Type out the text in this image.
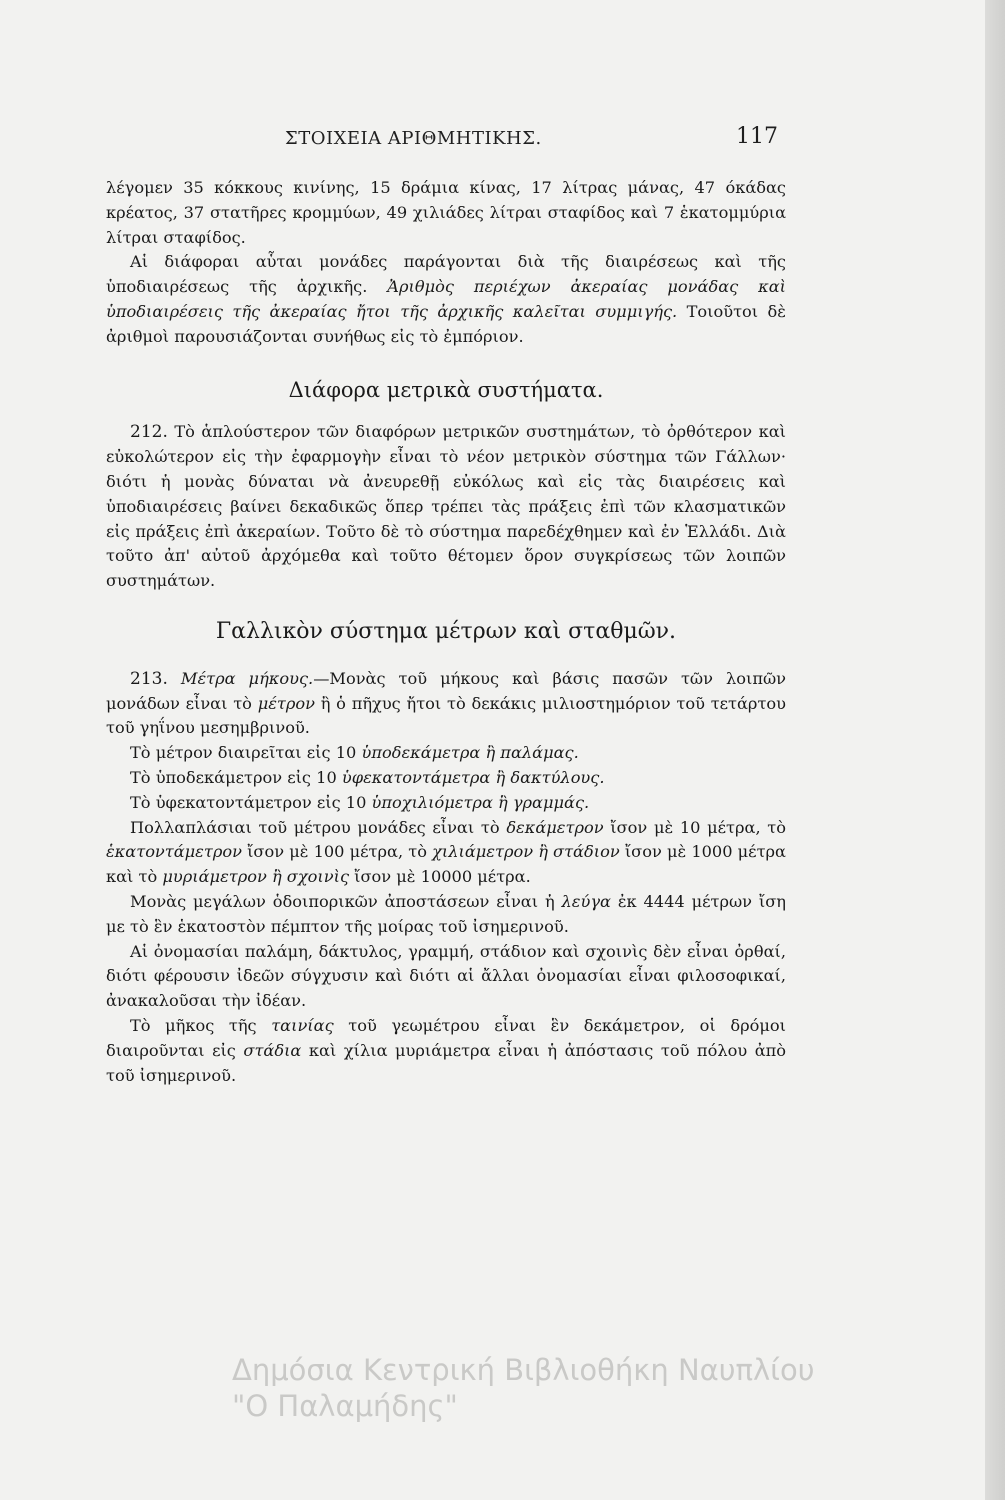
ΣΤΟΙΧΕΙΑ ΑΡΙΘΜΗΤΙΚΗΣ.	117

λέγομεν 35 κόκκους κινίνης, 15 δράμια κίνας, 17 λίτρας μάνας, 47 όκάδας κρέατος, 37 στατῆρες κρομμύων, 49 χιλιάδες λίτραι σταφίδος καὶ 7 ἑκατομμύρια λίτραι σταφίδος.

Αἱ διάφοραι αὗται μονάδες παράγονται διὰ τῆς διαιρέσεως καὶ τῆς ὑποδιαιρέσεως τῆς ἀρχικῆς. Ἀριθμὸς περιέχων ἀκεραίας μονάδας καὶ ὑποδιαιρέσεις τῆς ἀκεραίας ἤτοι τῆς ἀρχικῆς καλεῖται συμμιγής. Τοιοῦτοι δὲ ἀριθμοὶ παρουσιάζονται συνήθως εἰς τὸ ἐμπόριον.

Διάφορα μετρικὰ συστήματα.

212. Τὸ ἁπλούστερον τῶν διαφόρων μετρικῶν συστημάτων, τὸ ὀρθότερον καὶ εὐκολώτερον εἰς τὴν ἐφαρμογὴν εἶναι τὸ νέον μετρικὸν σύστημα τῶν Γάλλων· διότι ἡ μονὰς δύναται νὰ ἀνευρεθῇ εὐκόλως καὶ εἰς τὰς διαιρέσεις καὶ ὑποδιαιρέσεις βαίνει δεκαδικῶς ὅπερ τρέπει τὰς πράξεις ἐπὶ τῶν κλασματικῶν εἰς πράξεις ἐπὶ ἀκεραίων. Τοῦτο δὲ τὸ σύστημα παρεδέχθημεν καὶ ἐν Ἑλλάδι. Διὰ τοῦτο ἀπ' αὐτοῦ ἀρχόμεθα καὶ τοῦτο θέτομεν ὅρον συγκρίσεως τῶν λοιπῶν συστημάτων.

Γαλλικὸν σύστημα μέτρων καὶ σταθμῶν.

213. Μέτρα μήκους.—Μονὰς τοῦ μήκους καὶ βάσις πασῶν τῶν λοιπῶν μονάδων εἶναι τὸ μέτρον ἢ ὁ πῆχυς ἤτοι τὸ δεκάκις μιλιοστημόριον τοῦ τετάρτου τοῦ γηΐνου μεσημβρινοῦ.

Τὸ μέτρον διαιρεῖται εἰς 10 ὑποδεκάμετρα ἢ παλάμας.

Τὸ ὑποδεκάμετρον εἰς 10 ὑφεκατοντάμετρα ἢ δακτύλους.

Τὸ ὑφεκατοντάμετρον εἰς 10 ὑποχιλιόμετρα ἢ γραμμάς.

Πολλαπλάσιαι τοῦ μέτρου μονάδες εἶναι τὸ δεκάμετρον ἴσον μὲ 10 μέτρα, τὸ ἑκατοντάμετρον ἴσον μὲ 100 μέτρα, τὸ χιλιάμετρον ἢ στάδιον ἴσον μὲ 1000 μέτρα καὶ τὸ μυριάμετρον ἢ σχοινὶς ἴσον μὲ 10000 μέτρα.

Μονὰς μεγάλων ὁδοιπορικῶν ἀποστάσεων εἶναι ἡ λεύγα ἐκ 4444 μέτρων ἴση με τὸ ἓν ἑκατοστὸν πέμπτον τῆς μοίρας τοῦ ἰσημερινοῦ.

Αἱ ὀνομασίαι παλάμη, δάκτυλος, γραμμή, στάδιον καὶ σχοινὶς δὲν εἶναι ὀρθαί, διότι φέρουσιν ἰδεῶν σύγχυσιν καὶ διότι αἱ ἄλλαι ὀνομασίαι εἶναι φιλοσοφικαί, ἀνακαλοῦσαι τὴν ἰδέαν.

Τὸ μῆκος τῆς ταινίας τοῦ γεωμέτρου εἶναι ἓν δεκάμετρον, οἱ δρόμοι διαιροῦνται εἰς στάδια καὶ χίλια μυριάμετρα εἶναι ἡ ἀπόστασις τοῦ πόλου ἀπὸ τοῦ ἰσημερινοῦ.

Δημόσια Κεντρική Βιβλιοθήκη Ναυπλίου
"Ο Παλαμήδης"
